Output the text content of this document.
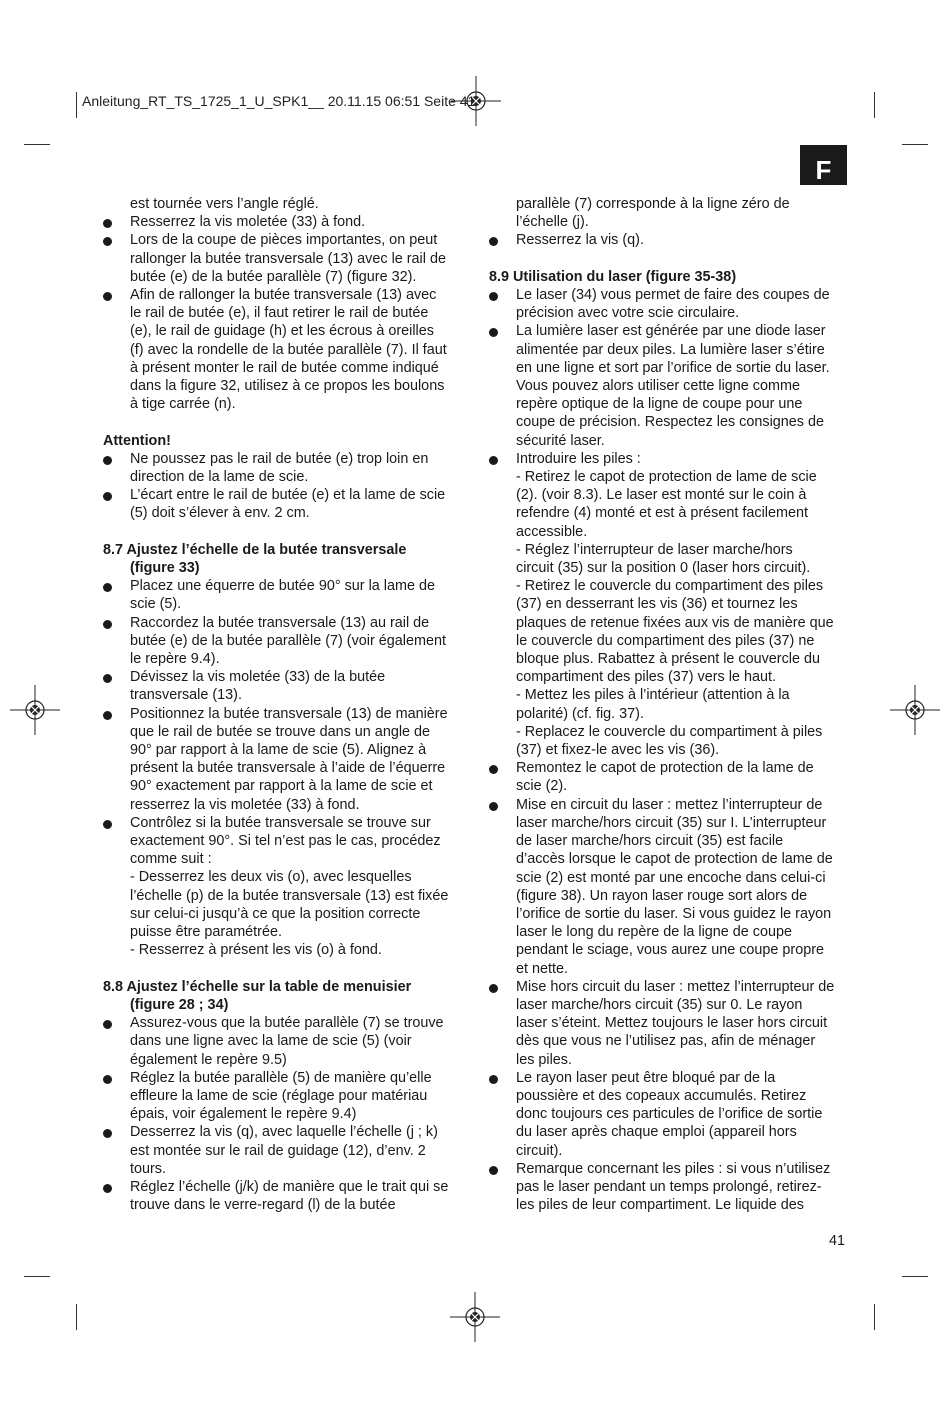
Anleitung_RT_TS_1725_1_U_SPK1__ 20.11.15 06:51 Seite 41
F
est tournée vers l’angle réglé.
Resserrez la vis moletée (33) à fond.
Lors de la coupe de pièces importantes, on peut
rallonger la butée transversale (13) avec le rail de
butée (e) de la butée parallèle (7) (figure 32).
Afin de rallonger la butée transversale (13) avec
le rail de butée (e), il faut retirer le rail de butée
(e), le rail de guidage (h) et les écrous à oreilles
(f) avec la rondelle de la butée parallèle (7). Il faut
à présent monter le rail de butée comme indiqué
dans la figure 32, utilisez à ce propos les boulons
à tige carrée (n).
Attention!
Ne poussez pas le rail de butée (e) trop loin en
direction de la lame de scie.
L’écart entre le rail de butée (e) et la lame de scie
(5) doit s’élever à env. 2 cm.
8.7 Ajustez l’échelle de la butée transversale
(figure 33)
Placez une équerre de butée 90° sur la lame de
scie (5).
Raccordez la butée transversale (13) au rail de
butée (e) de la butée parallèle (7) (voir également
le repère 9.4).
Dévissez la vis moletée (33) de la butée
transversale (13).
Positionnez la butée transversale (13) de manière
que le rail de butée se trouve dans un angle de
90° par rapport à la lame de scie (5). Alignez à
présent la butée transversale à l’aide de l’équerre
90° exactement par rapport à la lame de scie et
resserrez la vis moletée (33) à fond.
Contrôlez si la butée transversale se trouve sur
exactement 90°. Si tel n’est pas le cas, procédez
comme suit :
- Desserrez les deux vis (o), avec lesquelles
l’échelle (p) de la butée transversale (13) est fixée
sur celui-ci jusqu’à ce que la position correcte
puisse être paramétrée.
- Resserrez à présent les vis (o) à fond.
8.8 Ajustez l’échelle sur la table de menuisier
(figure 28 ; 34)
Assurez-vous que la butée parallèle (7) se trouve
dans une ligne avec la lame de scie (5) (voir
également le repère 9.5)
Réglez la butée parallèle (5) de manière qu’elle
effleure la lame de scie (réglage pour matériau
épais, voir également le repère 9.4)
Desserrez la vis (q), avec laquelle l’échelle (j ; k)
est montée sur le rail de guidage (12), d’env. 2
tours.
Réglez l’échelle (j/k) de manière que le trait qui se
trouve dans le verre-regard (l) de la butée
parallèle (7) corresponde à la ligne zéro de
l’échelle (j).
Resserrez la vis (q).
8.9 Utilisation du laser (figure 35-38)
Le laser (34) vous permet de faire des coupes de
précision avec votre scie circulaire.
La lumière laser est générée par une diode laser
alimentée par deux piles. La lumière laser s’étire
en une ligne et sort par l’orifice de sortie du laser.
Vous pouvez alors utiliser cette ligne comme
repère optique de la ligne de coupe pour une
coupe de précision. Respectez les consignes de
sécurité laser.
Introduire les piles :
- Retirez le capot de protection de lame de scie
(2). (voir 8.3). Le laser est monté sur le coin à
refendre (4) monté et est à présent facilement
accessible.
- Réglez l’interrupteur de laser marche/hors
circuit (35) sur la position 0 (laser hors circuit).
- Retirez le couvercle du compartiment des piles
(37) en desserrant les vis (36) et tournez les
plaques de retenue fixées aux vis de manière que
le couvercle du compartiment des piles (37) ne
bloque plus. Rabattez à présent le couvercle du
compartiment des piles (37) vers le haut.
- Mettez les piles à l’intérieur (attention à la
polarité) (cf. fig. 37).
- Replacez le couvercle du compartiment à piles
(37) et fixez-le avec les vis (36).
Remontez le capot de protection de la lame de
scie (2).
Mise en circuit du laser : mettez l’interrupteur de
laser marche/hors circuit (35) sur I. L’interrupteur
de laser marche/hors circuit (35) est facile
d’accès lorsque le capot de protection de lame de
scie (2) est monté par une encoche dans celui-ci
(figure 38). Un rayon laser rouge sort alors de
l’orifice de sortie du laser. Si vous guidez le rayon
laser le long du repère de la ligne de coupe
pendant le sciage, vous aurez une coupe propre
et nette.
Mise hors circuit du laser : mettez l’interrupteur de
laser marche/hors circuit (35) sur 0. Le rayon
laser s’éteint. Mettez toujours le laser hors circuit
dès que vous ne l’utilisez pas, afin de ménager
les piles.
Le rayon laser peut être bloqué par de la
poussière et des copeaux accumulés. Retirez
donc toujours ces particules de l’orifice de sortie
du laser après chaque emploi (appareil hors
circuit).
Remarque concernant les piles : si vous n’utilisez
pas le laser pendant un temps prolongé, retirez-
les piles de leur compartiment. Le liquide des
41
